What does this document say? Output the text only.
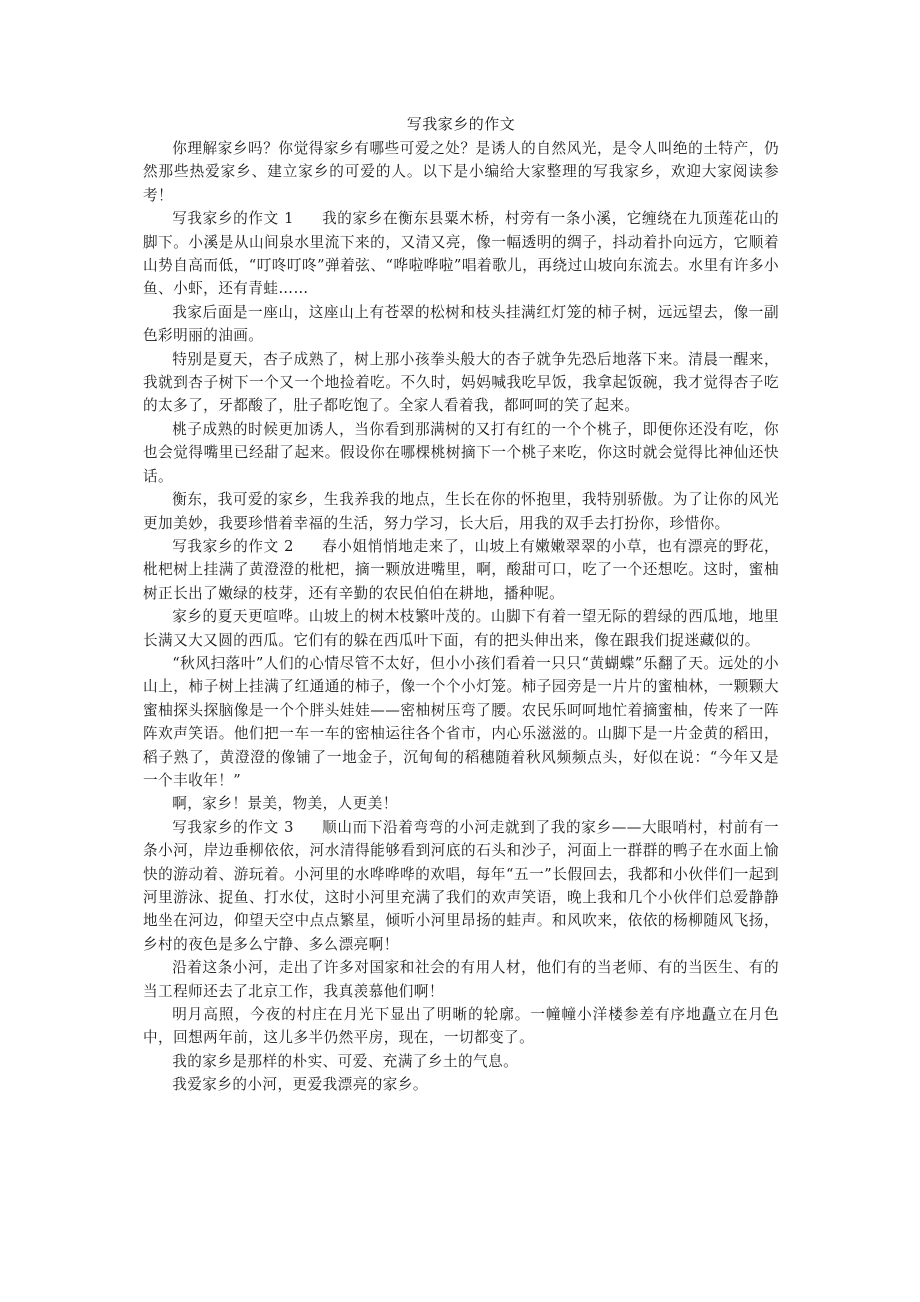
写我家乡的作文

你理解家乡吗？你觉得家乡有哪些可爱之处？是诱人的自然风光，是令人叫绝的土特产，仍然那些热爱家乡、建立家乡的可爱的人。以下是小编给大家整理的写我家乡，欢迎大家阅读参考！

写我家乡的作文 1 我的家乡在衡东县粟木桥，村旁有一条小溪，它缠绕在九顶莲花山的脚下。小溪是从山间泉水里流下来的，又清又亮，像一幅透明的绸子，抖动着扑向远方，它顺着山势自高而低，“叮咚叮咚”弹着弦、“哗啦哗啦”唱着歌儿，再绕过山坡向东流去。水里有许多小鱼、小虾，还有青蛙……

我家后面是一座山，这座山上有苍翠的松树和枝头挂满红灯笼的柿子树，远远望去，像一副色彩明丽的油画。

特别是夏天，杏子成熟了，树上那小孩拳头般大的杏子就争先恐后地落下来。清晨一醒来，我就到杏子树下一个又一个地捡着吃。不久时，妈妈喊我吃早饭，我拿起饭碗，我才觉得杏子吃的太多了，牙都酸了，肚子都吃饱了。全家人看着我，都呵呵的笑了起来。

桃子成熟的时候更加诱人，当你看到那满树的又打有红的一个个桃子，即便你还没有吃，你也会觉得嘴里已经甜了起来。假设你在哪棵桃树摘下一个桃子来吃，你这时就会觉得比神仙还快话。

衡东，我可爱的家乡，生我养我的地点，生长在你的怀抱里，我特别骄傲。为了让你的风光更加美妙，我要珍惜着幸福的生活，努力学习，长大后，用我的双手去打扮你，珍惜你。

写我家乡的作文 2 春小姐悄悄地走来了，山坡上有嫩嫩翠翠的小草，也有漂亮的野花，枇杷树上挂满了黄澄澄的枇杷，摘一颗放进嘴里，啊，酸甜可口，吃了一个还想吃。这时，蜜柚树正长出了嫩绿的枝芽，还有辛勤的农民伯伯在耕地，播种呢。

家乡的夏天更喧哗。山坡上的树木枝繁叶茂的。山脚下有着一望无际的碧绿的西瓜地，地里长满又大又圆的西瓜。它们有的躲在西瓜叶下面，有的把头伸出来，像在跟我们捉迷藏似的。

“秋风扫落叶”人们的心情尽管不太好，但小小孩们看着一只只“黄蝴蝶”乐翻了天。远处的小山上，柿子树上挂满了红通通的柿子，像一个个小灯笼。柿子园旁是一片片的蜜柚林，一颗颗大蜜柚探头探脑像是一个个胖头娃娃——密柚树压弯了腰。农民乐呵呵地忙着摘蜜柚，传来了一阵阵欢声笑语。他们把一车一车的密柚运往各个省市，内心乐滋滋的。山脚下是一片金黄的稻田，稻子熟了，黄澄澄的像铺了一地金子，沉甸甸的稻穗随着秋风频频点头，好似在说：“今年又是一个丰收年！”

啊，家乡！景美，物美，人更美！

写我家乡的作文 3 顺山而下沿着弯弯的小河走就到了我的家乡——大眼哨村，村前有一条小河，岸边垂柳依依，河水清得能够看到河底的石头和沙子，河面上一群群的鸭子在水面上愉快的游动着、游玩着。小河里的水哗哗哗的欢唱，每年“五一”长假回去，我都和小伙伴们一起到河里游泳、捉鱼、打水仗，这时小河里充满了我们的欢声笑语，晚上我和几个小伙伴们总爱静静地坐在河边，仰望天空中点点繁星，倾听小河里昂扬的蛙声。和风吹来，依依的杨柳随风飞扬，乡村的夜色是多么宁静、多么漂亮啊！

沿着这条小河，走出了许多对国家和社会的有用人材，他们有的当老师、有的当医生、有的当工程师还去了北京工作，我真羡慕他们啊！

明月高照，今夜的村庄在月光下显出了明晰的轮廓。一幢幢小洋楼参差有序地矗立在月色中，回想两年前，这儿多半仍然平房，现在，一切都变了。

我的家乡是那样的朴实、可爱、充满了乡土的气息。

我爱家乡的小河，更爱我漂亮的家乡。
